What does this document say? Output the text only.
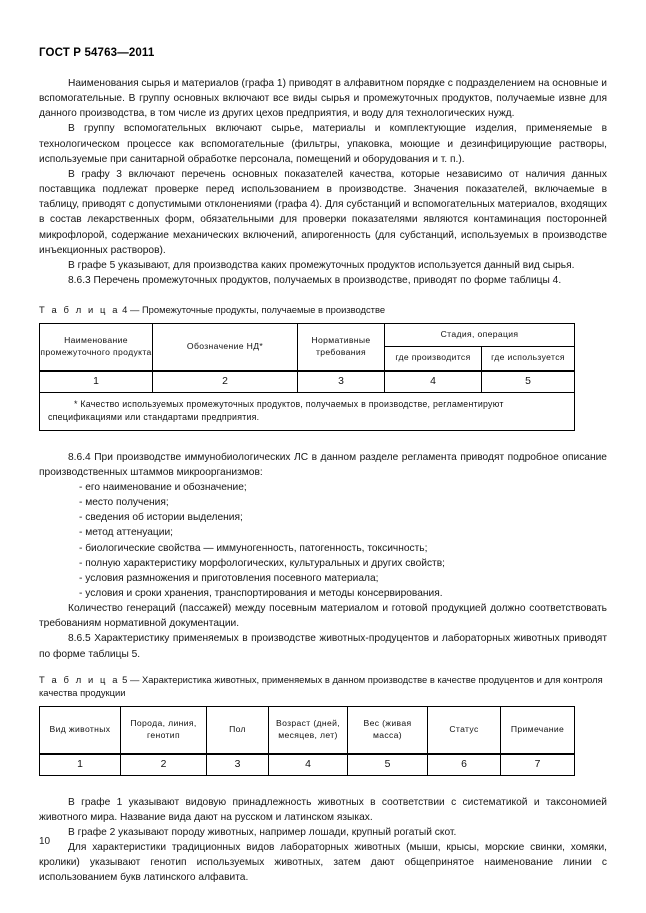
ГОСТ Р 54763—2011

Наименования сырья и материалов (графа 1) приводят в алфавитном порядке с подразделением на основные и вспомогательные. В группу основных включают все виды сырья и промежуточных продуктов, получаемые извне для данного производства, в том числе из других цехов предприятия, и воду для технологических нужд.

В группу вспомогательных включают сырье, материалы и комплектующие изделия, применяемые в технологическом процессе как вспомогательные (фильтры, упаковка, моющие и дезинфицирующие растворы, используемые при санитарной обработке персонала, помещений и оборудования и т. п.).

В графу 3 включают перечень основных показателей качества, которые независимо от наличия данных поставщика подлежат проверке перед использованием в производстве. Значения показателей, включаемые в таблицу, приводят с допустимыми отклонениями (графа 4). Для субстанций и вспомогательных материалов, входящих в состав лекарственных форм, обязательными для проверки показателями являются контаминация посторонней микрофлорой, содержание механических включений, апирогенность (для субстанций, используемых в производстве инъекционных растворов).

В графе 5 указывают, для производства каких промежуточных продуктов используется данный вид сырья.

8.6.3 Перечень промежуточных продуктов, получаемых в производстве, приводят по форме таблицы 4.

Т а б л и ц а 4 — Промежуточные продукты, получаемые в производстве

Наименование промежуточного продукта	Обозначение НД*	Нормативные требования	Стадия, операция	
			где производится	где используется
1	2	3	4	5

* Качество используемых промежуточных продуктов, получаемых в производстве, регламентируют спецификациями или стандартами предприятия.				

8.6.4 При производстве иммунобиологических ЛС в данном разделе регламента приводят подробное описание производственных штаммов микроорганизмов:

- его наименование и обозначение;
- место получения;
- сведения об истории выделения;
- метод аттенуации;
- биологические свойства — иммуногенность, патогенность, токсичность;
- полную характеристику морфологических, культуральных и других свойств;
- условия размножения и приготовления посевного материала;
- условия и сроки хранения, транспортирования и методы консервирования.

Количество генераций (пассажей) между посевным материалом и готовой продукцией должно соответствовать требованиям нормативной документации.

8.6.5 Характеристику применяемых в производстве животных-продуцентов и лабораторных животных приводят по форме таблицы 5.

Т а б л и ц а 5 — Характеристика животных, применяемых в данном производстве в качестве продуцентов и для контроля качества продукции

Вид животных	Порода, линия, генотип	Пол	Возраст (дней, месяцев, лет)	Вес (живая масса)	Статус	Примечание
1	2	3	4	5	6	7

В графе 1 указывают видовую принадлежность животных в соответствии с систематикой и таксономией животного мира. Название вида дают на русском и латинском языках.

В графе 2 указывают породу животных, например лошади, крупный рогатый скот.

Для характеристики традиционных видов лабораторных животных (мыши, крысы, морские свинки, хомяки, кролики) указывают генотип используемых животных, затем дают общепринятое наименование линии с использованием букв латинского алфавита.

10
